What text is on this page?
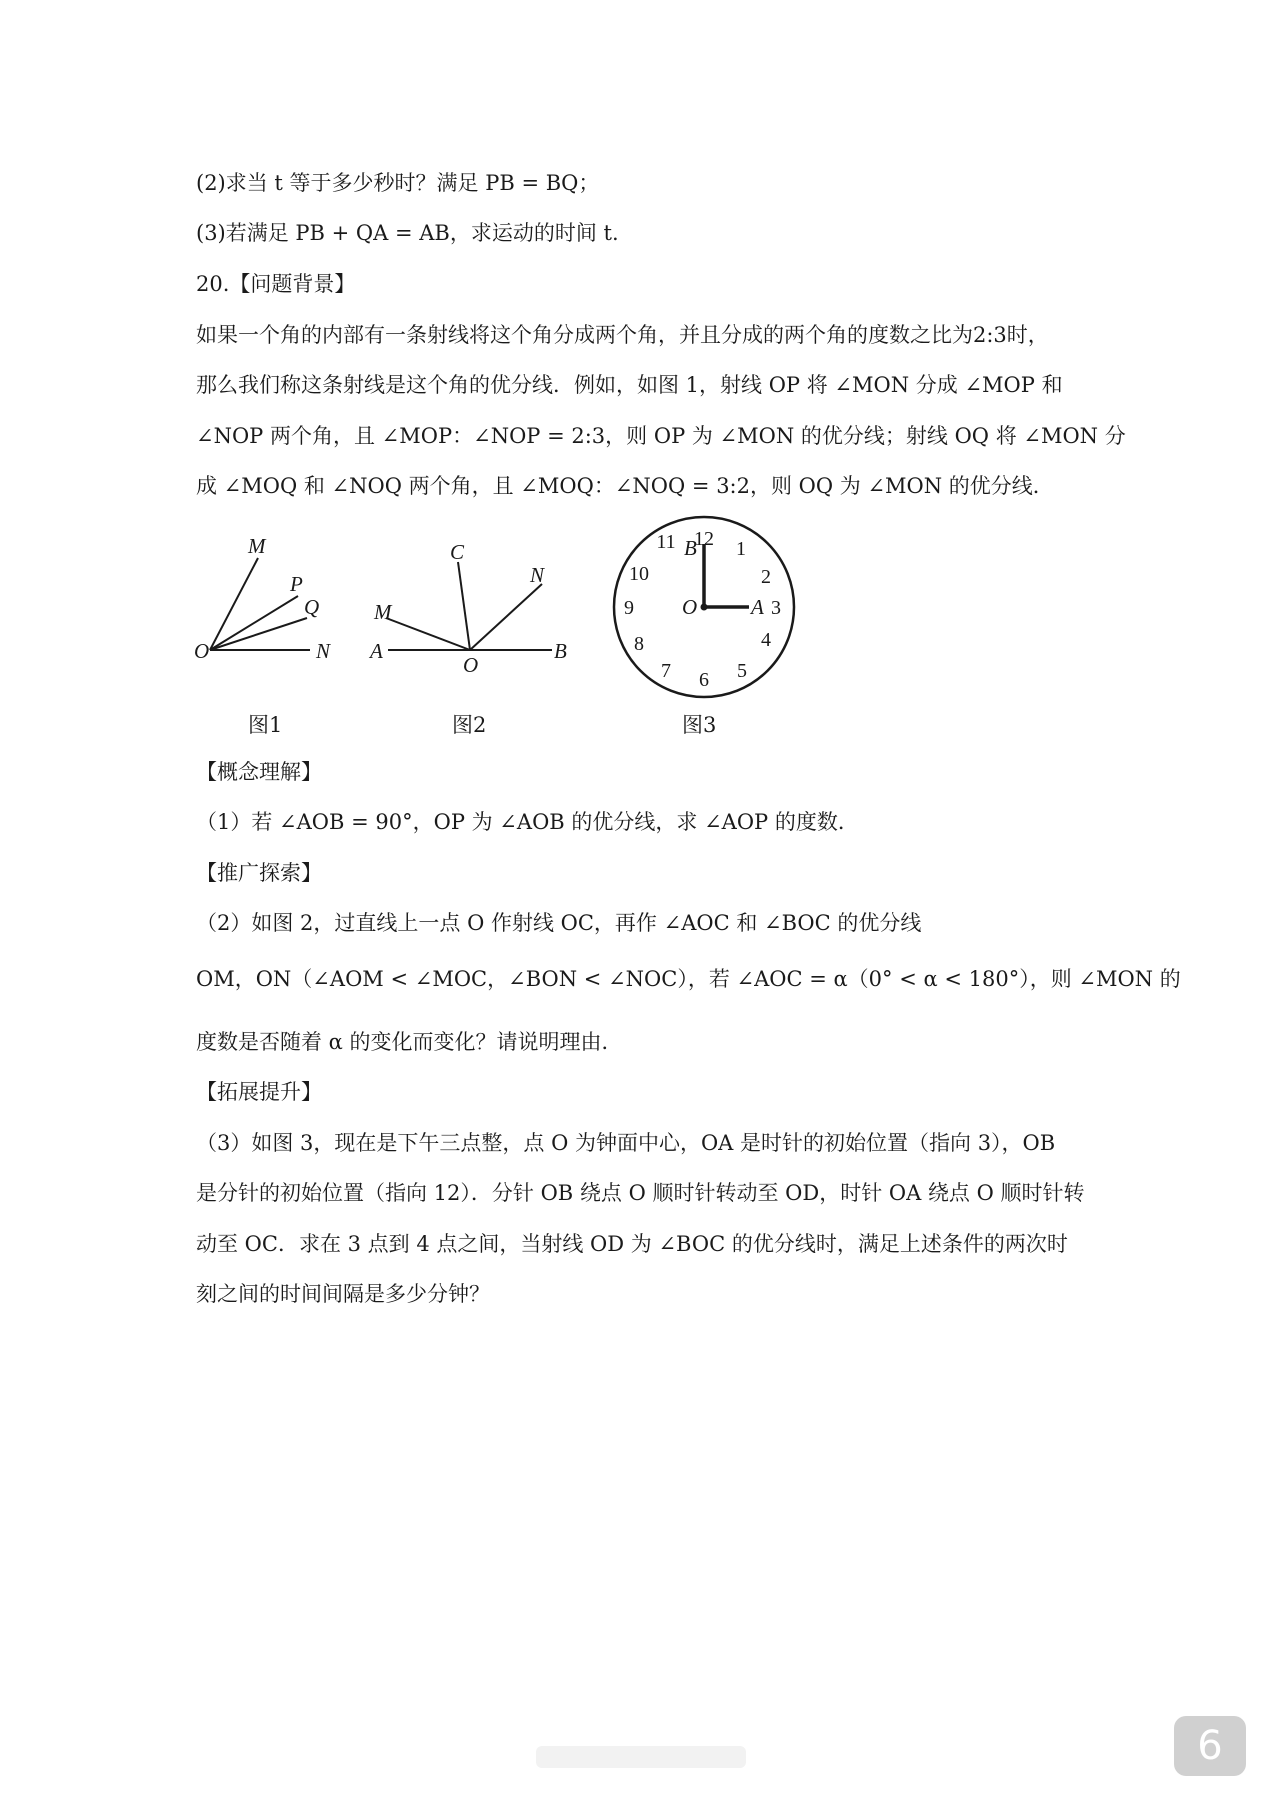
(2)求当 t 等于多少秒时？满足 PB = BQ；
(3)若满足 PB + QA = AB，求运动的时间 t.
20.【问题背景】
如果一个角的内部有一条射线将这个角分成两个角，并且分成的两个角的度数之比为2:3时，
那么我们称这条射线是这个角的优分线．例如，如图 1，射线 OP 将 ∠MON 分成 ∠MOP 和
∠NOP 两个角，且 ∠MOP：∠NOP = 2:3，则 OP 为 ∠MON 的优分线；射线 OQ 将 ∠MON 分
成 ∠MOQ 和 ∠NOQ 两个角，且 ∠MOQ：∠NOQ = 3:2，则 OQ 为 ∠MON 的优分线．
M
P
Q
O	N
图1
C
N
M
A
O
B
图2
12 1
2
3
4
5
6
7
8
9
10
11 B
O	A
图3
【概念理解】
（1）若 ∠AOB = 90°，OP 为 ∠AOB 的优分线，求 ∠AOP 的度数．
【推广探索】
（2）如图 2，过直线上一点 O 作射线 OC，再作 ∠AOC 和 ∠BOC 的优分线
OM，ON（∠AOM < ∠MOC，∠BON < ∠NOC），若 ∠AOC = α（0° < α < 180°），则 ∠MON 的
度数是否随着 α 的变化而变化？请说明理由．
【拓展提升】
（3）如图 3，现在是下午三点整，点 O 为钟面中心，OA 是时针的初始位置（指向 3），OB
是分针的初始位置（指向 12）．分针 OB 绕点 O 顺时针转动至 OD，时针 OA 绕点 O 顺时针转
动至 OC．求在 3 点到 4 点之间，当射线 OD 为 ∠BOC 的优分线时，满足上述条件的两次时
刻之间的时间间隔是多少分钟？
6
